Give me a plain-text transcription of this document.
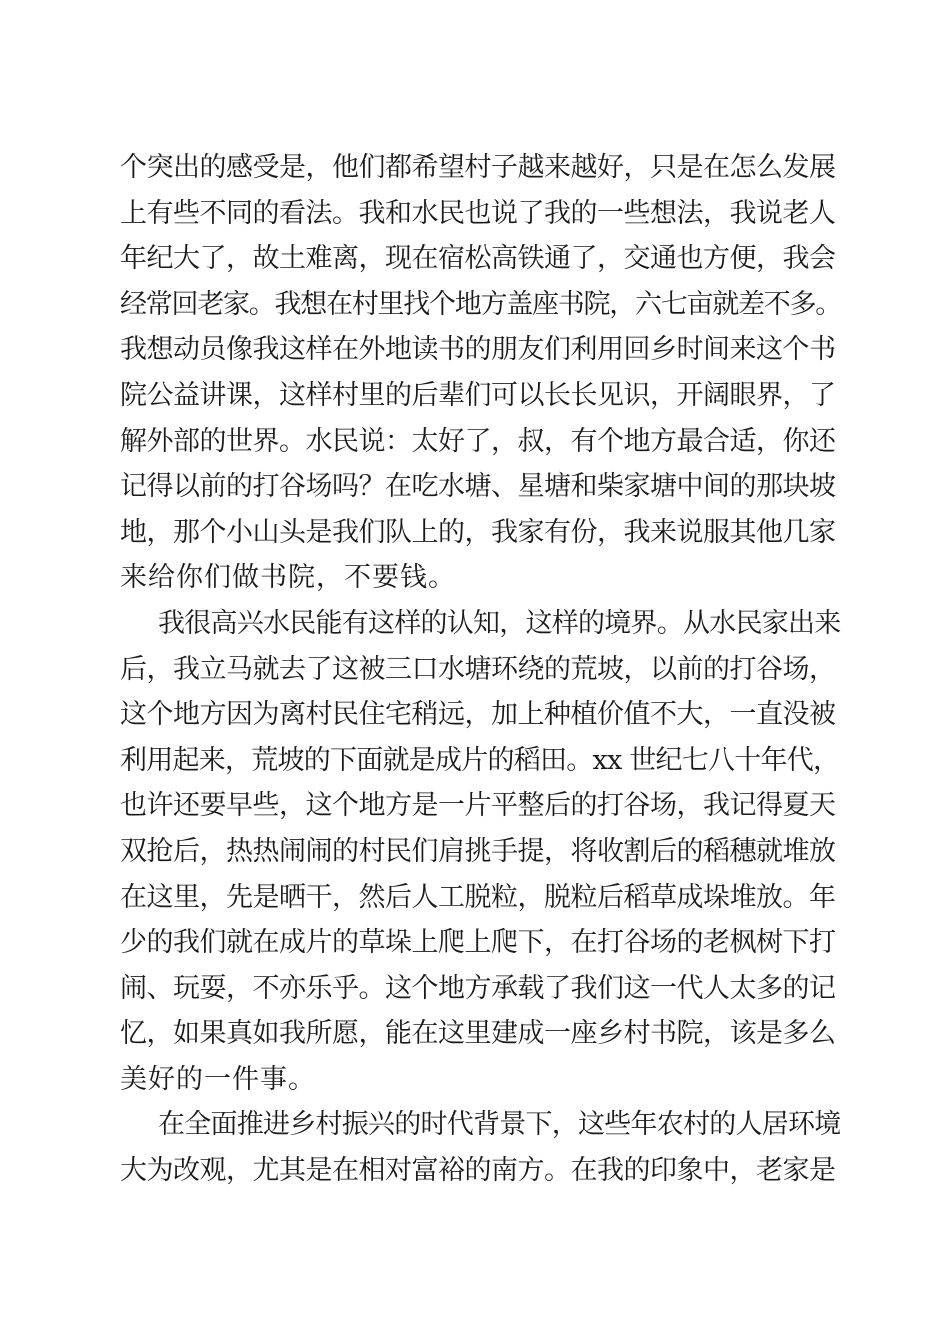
个突出的感受是，他们都希望村子越来越好，只是在怎么发展
上有些不同的看法。我和水民也说了我的一些想法，我说老人
年纪大了，故土难离，现在宿松高铁通了，交通也方便，我会
经常回老家。我想在村里找个地方盖座书院，六七亩就差不多。
我想动员像我这样在外地读书的朋友们利用回乡时间来这个书
院公益讲课，这样村里的后辈们可以长长见识，开阔眼界，了
解外部的世界。水民说：太好了，叔，有个地方最合适，你还
记得以前的打谷场吗？在吃水塘、星塘和柴家塘中间的那块坡
地，那个小山头是我们队上的，我家有份，我来说服其他几家
来给你们做书院，不要钱。
我很高兴水民能有这样的认知，这样的境界。从水民家出来
后，我立马就去了这被三口水塘环绕的荒坡，以前的打谷场，
这个地方因为离村民住宅稍远，加上种植价值不大，一直没被
利用起来，荒坡的下面就是成片的稻田。xx 世纪七八十年代，
也许还要早些，这个地方是一片平整后的打谷场，我记得夏天
双抢后，热热闹闹的村民们肩挑手提，将收割后的稻穗就堆放
在这里，先是晒干，然后人工脱粒，脱粒后稻草成垛堆放。年
少的我们就在成片的草垛上爬上爬下，在打谷场的老枫树下打
闹、玩耍，不亦乐乎。这个地方承载了我们这一代人太多的记
忆，如果真如我所愿，能在这里建成一座乡村书院，该是多么
美好的一件事。
在全面推进乡村振兴的时代背景下，这些年农村的人居环境
大为改观，尤其是在相对富裕的南方。在我的印象中，老家是
